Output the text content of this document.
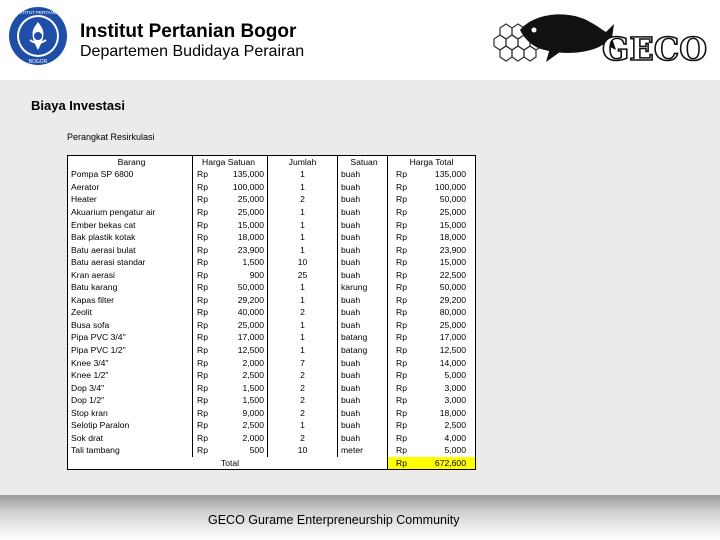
INSTITUT PERTANIAN
BOGOR
Institut Pertanian Bogor
Departemen Budidaya Perairan	GECO
Biaya Investasi
Perangkat Resirkulasi
Barang	Harga Satuan		Jumlah	Satuan	Harga Total	
Pompa SP 6800	Rp	135,000	1	buah	Rp	135,000
Aerator	Rp	100,000	1	buah	Rp	100,000
Heater	Rp	25,000	2	buah	Rp	50,000
Akuarium pengatur air	Rp	25,000	1	buah	Rp	25,000
Ember bekas cat	Rp	15,000	1	buah	Rp	15,000
Bak plastik kotak	Rp	18,000	1	buah	Rp	18,000
Batu aerasi bulat	Rp	23,900	1	buah	Rp	23,900
Batu aerasi standar	Rp	1,500	10	buah	Rp	15,000
Kran aerasi	Rp	900	25	buah	Rp	22,500
Batu karang	Rp	50,000	1	karung	Rp	50,000
Kapas filter	Rp	29,200	1	buah	Rp	29,200
Zeolit	Rp	40,000	2	buah	Rp	80,000
Busa sofa	Rp	25,000	1	buah	Rp	25,000
Pipa PVC 3/4"	Rp	17,000	1	batang	Rp	17,000
Pipa PVC 1/2"	Rp	12,500	1	batang	Rp	12,500
Knee 3/4"	Rp	2,000	7	buah	Rp	14,000
Knee 1/2"	Rp	2,500	2	buah	Rp	5,000
Dop 3/4"	Rp	1,500	2	buah	Rp	3,000
Dop 1/2"	Rp	1,500	2	buah	Rp	3,000
Stop kran	Rp	9,000	2	buah	Rp	18,000
Selotip Paralon	Rp	2,500	1	buah	Rp	2,500
Sok drat	Rp	2,000	2	buah	Rp	4,000
Tali tambang	Rp	500	10	meter	Rp	5,000
	Total				Rp	672,600
GECO Gurame Enterpreneurship Community
